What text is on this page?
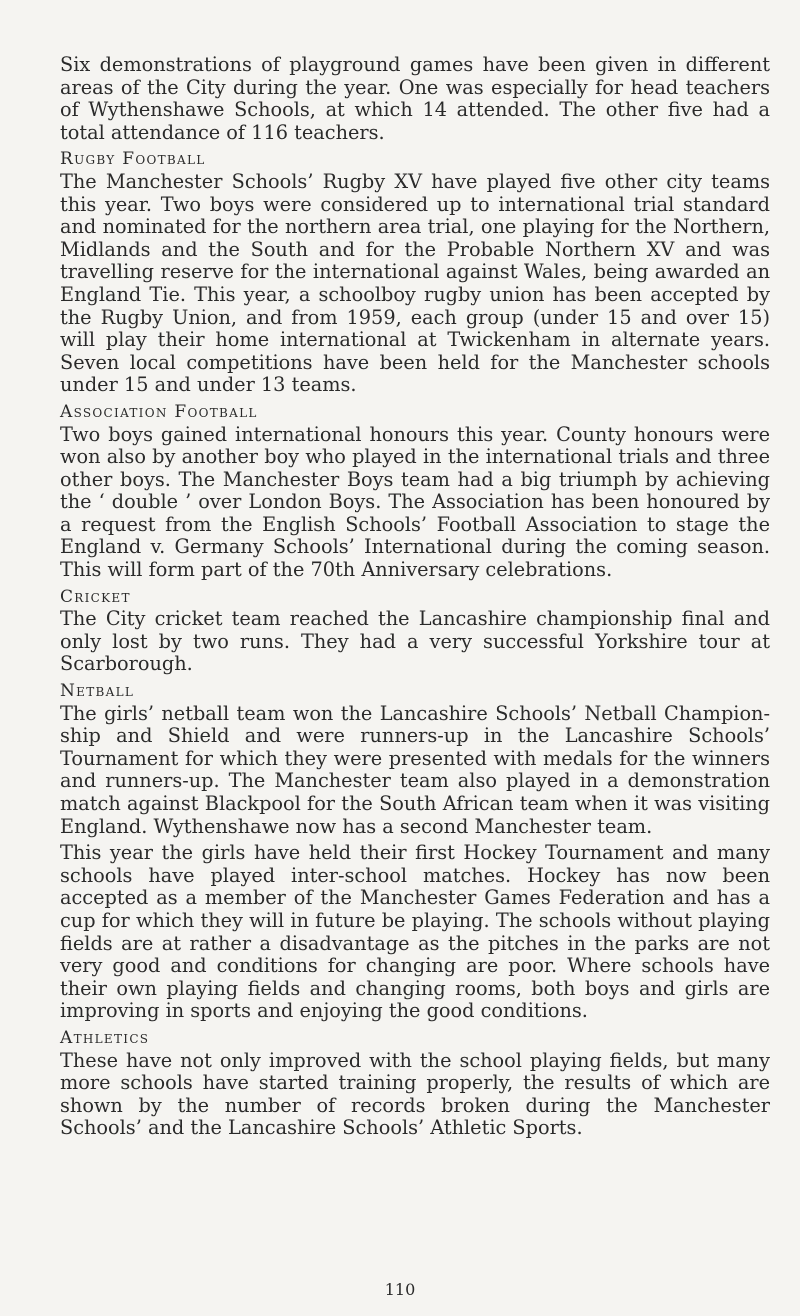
Six demonstrations of playground games have been given in different areas of the City during the year. One was especially for head teachers of Wythenshawe Schools, at which 14 attended. The other five had a total attendance of 116 teachers.

Rugby Football

The Manchester Schools’ Rugby XV have played five other city teams this year. Two boys were considered up to international trial standard and nominated for the northern area trial, one playing for the Northern, Midlands and the South and for the Probable Northern XV and was travelling reserve for the international against Wales, being awarded an England Tie. This year, a schoolboy rugby union has been accepted by the Rugby Union, and from 1959, each group (under 15 and over 15) will play their home international at Twickenham in alternate years. Seven local competitions have been held for the Manchester schools under 15 and under 13 teams.

Association Football

Two boys gained international honours this year. County honours were won also by another boy who played in the international trials and three other boys. The Manchester Boys team had a big triumph by achieving the ‘ double ’ over London Boys. The Association has been honoured by a request from the English Schools’ Football Association to stage the England v. Germany Schools’ International during the coming season. This will form part of the 70th Anniversary celebrations.

Cricket

The City cricket team reached the Lancashire championship final and only lost by two runs. They had a very successful Yorkshire tour at Scarborough.

Netball

The girls’ netball team won the Lancashire Schools’ Netball Champion-ship and Shield and were runners-up in the Lancashire Schools’ Tournament for which they were presented with medals for the winners and runners-up. The Manchester team also played in a demonstration match against Blackpool for the South African team when it was visiting England. Wythenshawe now has a second Manchester team.

This year the girls have held their first Hockey Tournament and many schools have played inter-school matches. Hockey has now been accepted as a member of the Manchester Games Federation and has a cup for which they will in future be playing. The schools without playing fields are at rather a disadvantage as the pitches in the parks are not very good and conditions for changing are poor. Where schools have their own playing fields and changing rooms, both boys and girls are improving in sports and enjoying the good conditions.

Athletics

These have not only improved with the school playing fields, but many more schools have started training properly, the results of which are shown by the number of records broken during the Manchester Schools’ and the Lancashire Schools’ Athletic Sports.

110
